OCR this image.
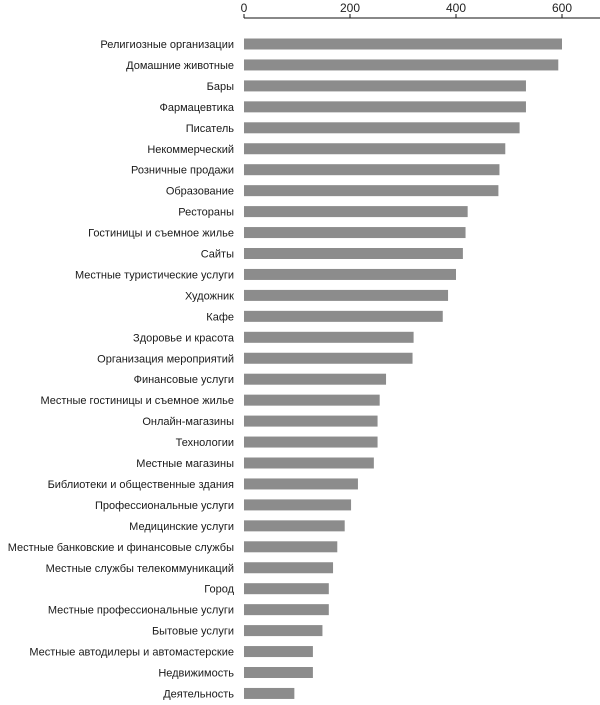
0	200	400	600
Религиозные организации
Домашние животные
Бары
Фармацевтика
Писатель
Некоммерческий
Розничные продажи
Образование
Рестораны
Гостиницы и съемное жилье
Сайты
Местные туристические услуги
Художник
Кафе
Здоровье и красота
Организация мероприятий
Финансовые услуги
Местные гостиницы и съемное жилье
Онлайн-магазины
Технологии
Местные магазины
Библиотеки и общественные здания
Профессиональные услуги
Медицинские услуги
Местные банковские и финансовые службы
Местные службы телекоммуникаций
Город
Местные профессиональные услуги
Бытовые услуги
Местные автодилеры и автомастерские
Недвижимость
Деятельность
